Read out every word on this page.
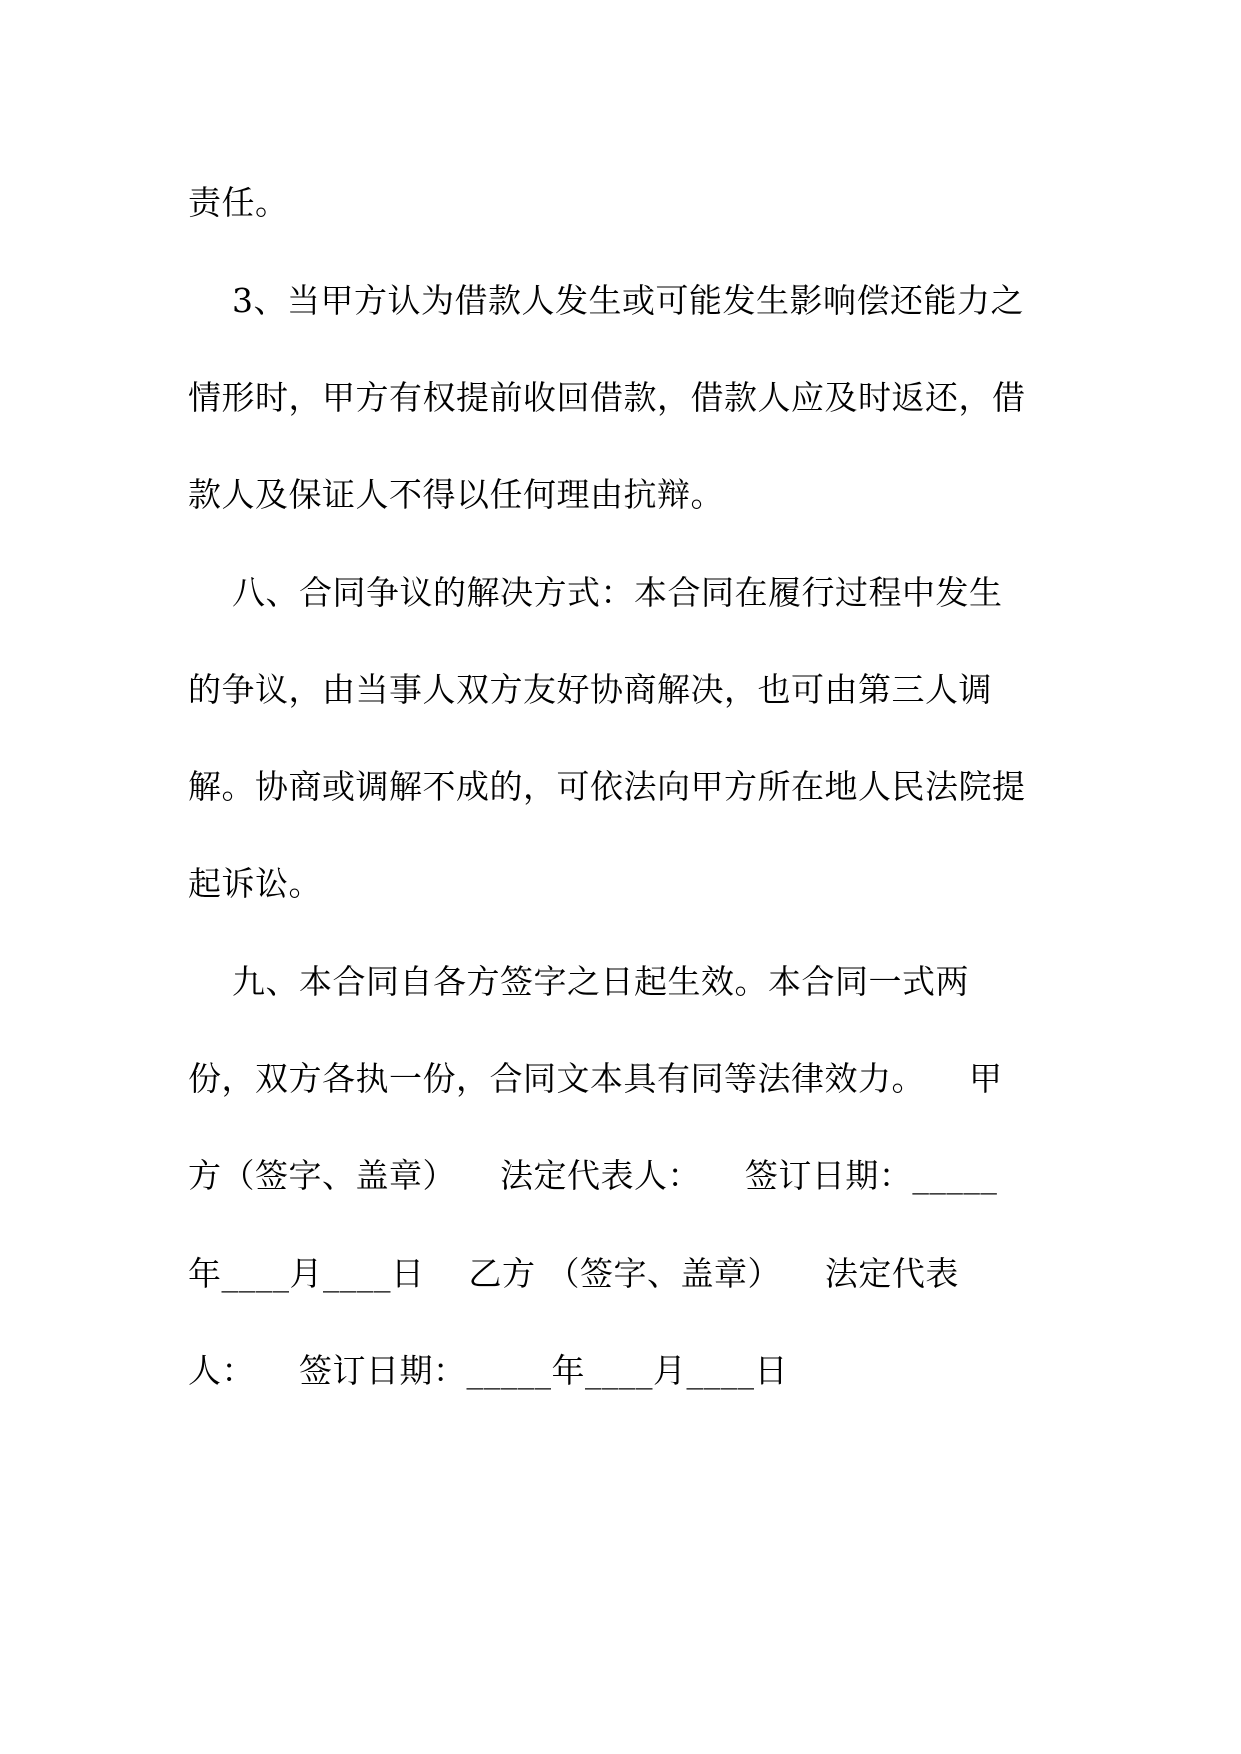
责任。
3、当甲方认为借款人发生或可能发生影响偿还能力之
情形时，甲方有权提前收回借款，借款人应及时返还，借
款人及保证人不得以任何理由抗辩。
八、合同争议的解决方式：本合同在履行过程中发生
的争议，由当事人双方友好协商解决，也可由第三人调
解。协商或调解不成的，可依法向甲方所在地人民法院提
起诉讼。
九、本合同自各方签字之日起生效。本合同一式两
份，双方各执一份，合同文本具有同等法律效力。    甲
方（签字、盖章）    法定代表人：    签订日期：_____
年____月____日    乙方 （签字、盖章）    法定代表
人：    签订日期：_____年____月____日
